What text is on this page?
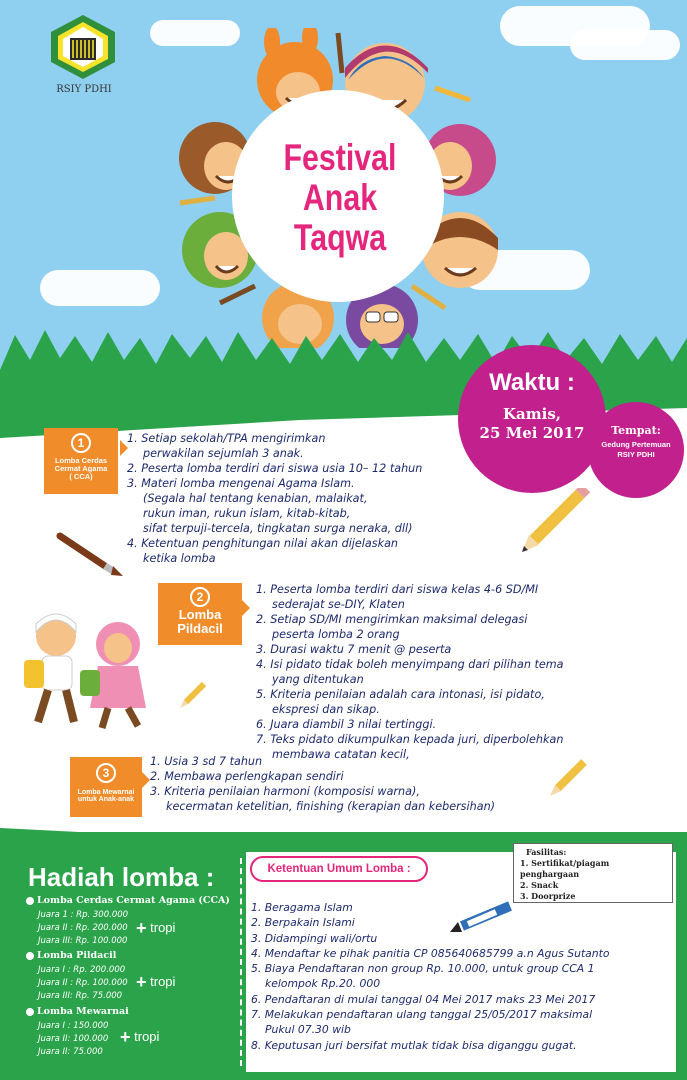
RSIY PDHI
Festival
Anak
Taqwa
Waktu :
Kamis,
25 Mei 2017	Tempat:
Gedung Pertemuan
RSIY PDHI
1
Lomba Cerdas
Cermat Agama
( CCA)
1. Setiap sekolah/TPA mengirimkan
perwakilan sejumlah 3 anak.
2. Peserta lomba terdiri dari siswa usia 10– 12 tahun
3. Materi lomba mengenai Agama Islam.
(Segala hal tentang kenabian, malaikat,
rukun iman, rukun islam, kitab-kitab,
sifat terpuji-tercela, tingkatan surga neraka, dll)
4. Ketentuan penghitungan nilai akan dijelaskan
ketika lomba
2
Lomba
Pildacil
1. Peserta lomba terdiri dari siswa kelas 4-6 SD/MI
sederajat se-DIY, Klaten
2. Setiap SD/MI mengirimkan maksimal delegasi
peserta lomba 2 orang
3. Durasi waktu 7 menit @ peserta
4. Isi pidato tidak boleh menyimpang dari pilihan tema
yang ditentukan
5. Kriteria penilaian adalah cara intonasi, isi pidato,
ekspresi dan sikap.
6. Juara diambil 3 nilai tertinggi.
7. Teks pidato dikumpulkan kepada juri, diperbolehkan
membawa catatan kecil,
3
Lomba Mewarnai
untuk Anak-anak
1. Usia 3 sd 7 tahun
2. Membawa perlengkapan sendiri
3. Kriteria penilaian harmoni (komposisi warna),
kecermatan ketelitian, finishing (kerapian dan kebersihan)
Hadiah lomba :
Lomba Cerdas Cermat Agama (CCA)
Juara 1 : Rp. 300.000
Juara II : Rp. 200.000
Juara III: Rp. 100.000
+ tropi
Lomba Pildacil
Juara I : Rp. 200.000
Juara II : Rp. 100.000
Juara III: Rp. 75.000
+ tropi
Lomba Mewarnai
Juara I : 150.000
Juara II: 100.000
Juara II: 75.000
+ tropi
Ketentuan Umum Lomba :
1. Beragama Islam
2. Berpakain Islami
3. Didampingi wali/ortu
4. Mendaftar ke pihak panitia CP 085640685799 a.n Agus Sutanto
5. Biaya Pendaftaran non group Rp. 10.000, untuk group CCA 1
kelompok Rp.20. 000
6. Pendaftaran di mulai tanggal 04 Mei 2017 maks 23 Mei 2017
7. Melakukan pendaftaran ulang tanggal 25/05/2017 maksimal
Pukul 07.30 wib
8. Keputusan juri bersifat mutlak tidak bisa diganggu gugat.
Fasilitas:
1. Sertifikat/piagam penghargaan
2. Snack
3. Doorprize
